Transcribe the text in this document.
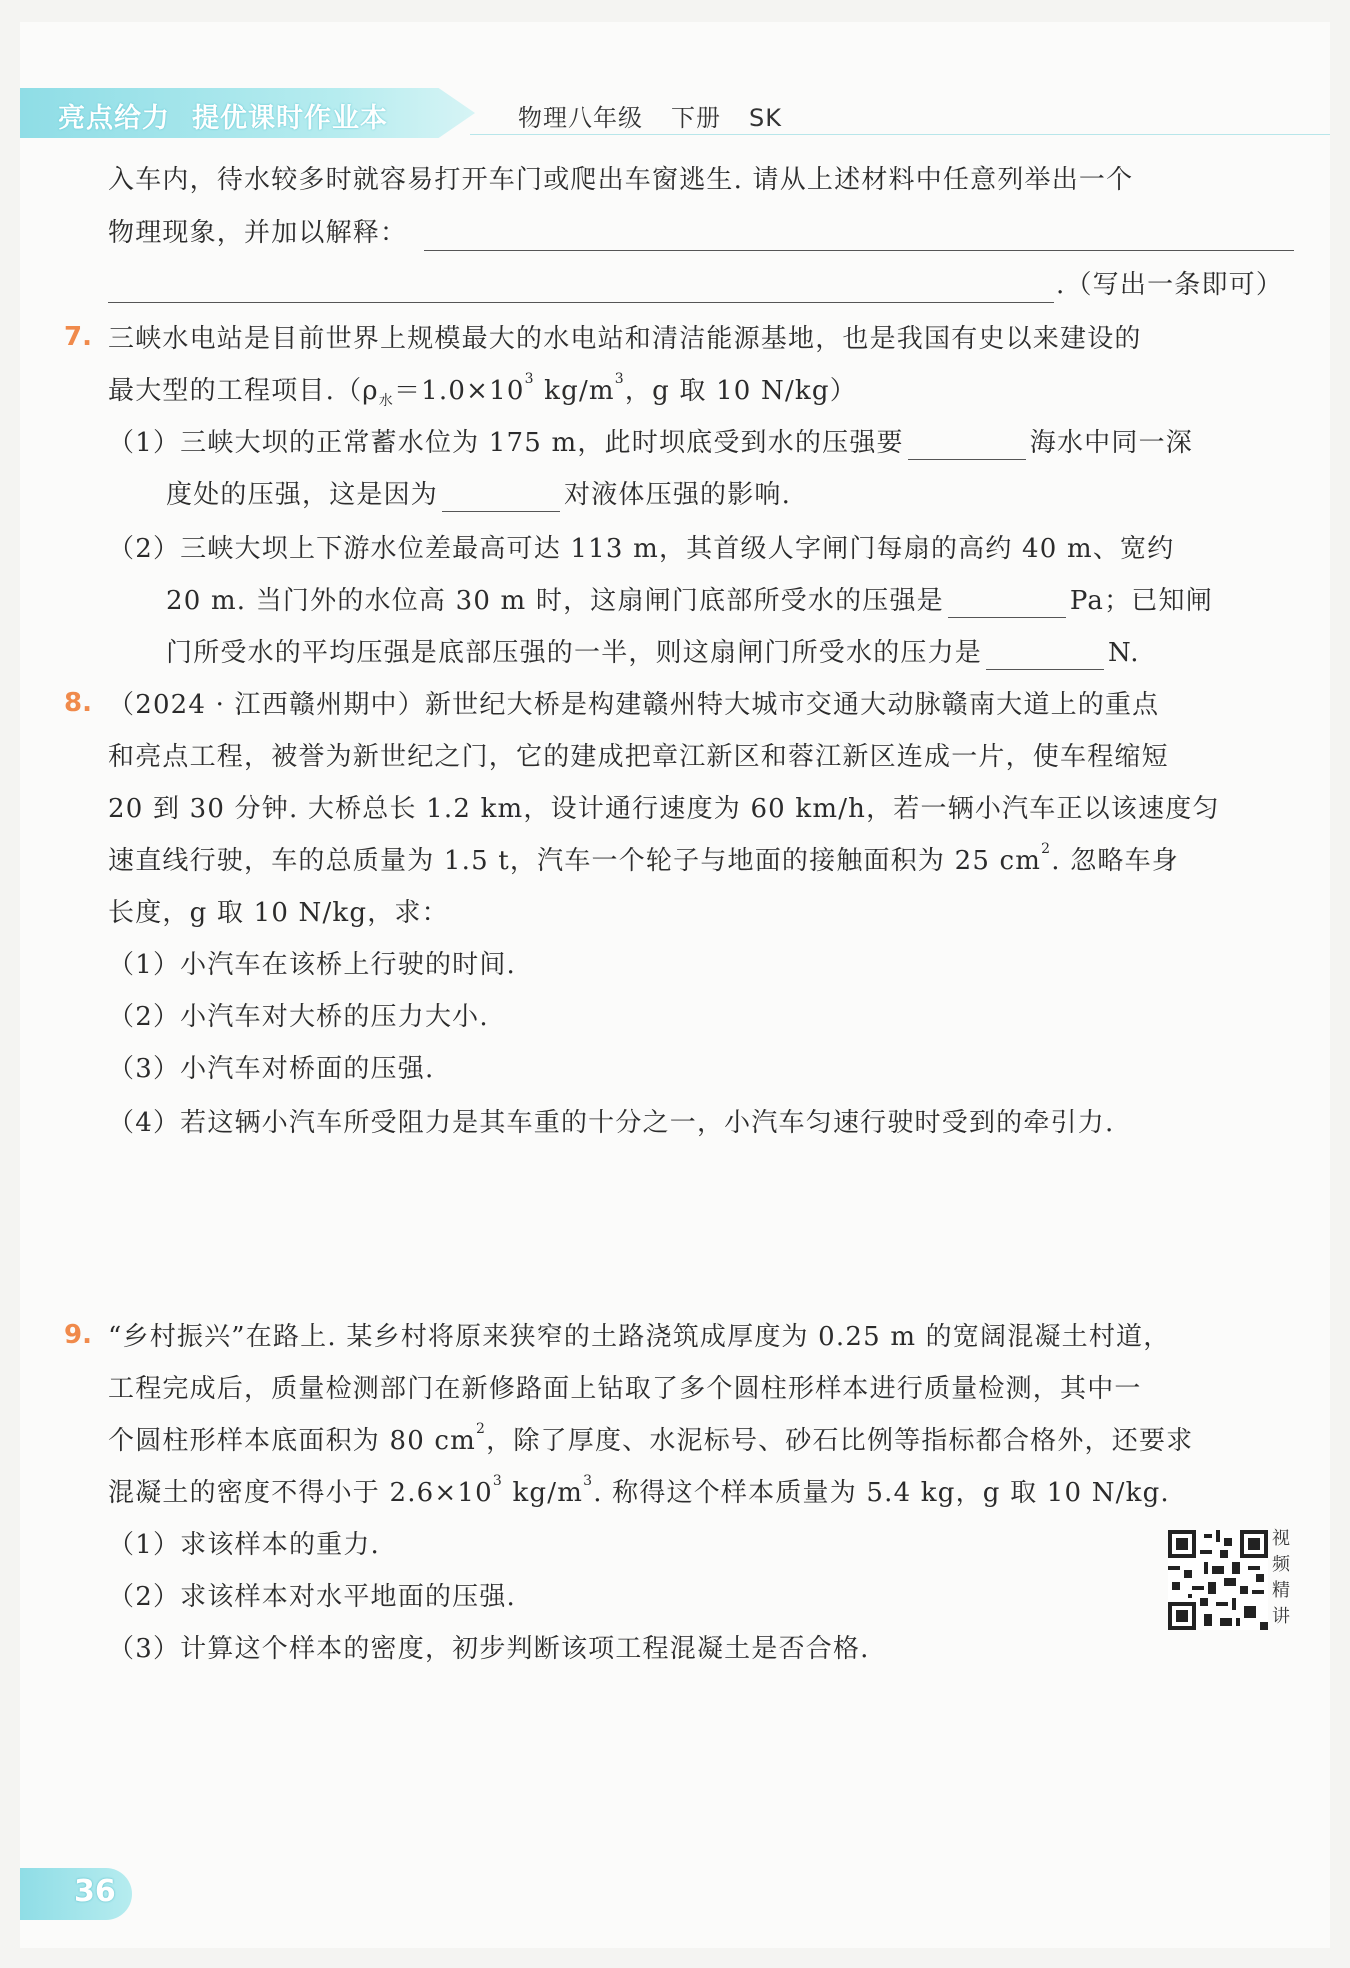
亮点给力 提优课时作业本	物理八年级 下册 SK
入车内，待水较多时就容易打开车门或爬出车窗逃生. 请从上述材料中任意列举出一个
物理现象，并加以解释：
.（写出一条即可）
7. 三峡水电站是目前世界上规模最大的水电站和清洁能源基地，也是我国有史以来建设的
最大型的工程项目$.(\rho_水=1.0\times 10^3$ $kg/m^3$，g 取 10 N/kg）
（1）三峡大坝的正常蓄水位为 175 m，此时坝底受到水的压强要	海水中同一深
度处的压强，这是因为	对液体压强的影响.
（2）三峡大坝上下游水位差最高可达 113 m，其首级人字闸门每扇的高约 40 m、宽约
20 m. 当门外的水位高 30 m 时，这扇闸门底部所受水的压强是	Pa；已知闸
门所受水的平均压强是底部压强的一半，则这扇闸门所受水的压力是	N.
8. （2024 · 江西赣州期中）新世纪大桥是构建赣州特大城市交通大动脉赣南大道上的重点
和亮点工程，被誉为新世纪之门，它的建成把章江新区和蓉江新区连成一片，使车程缩短
20 到 30 分钟. 大桥总长 1.2 km，设计通行速度为 60 km/h，若一辆小汽车正以该速度匀
速直线行驶，车的总质量为 1.5 t，汽车一个轮子与地面的接触面积为 25 $cm^2$. 忽略车身
长度，g 取 10 N/kg，求：
（1）小汽车在该桥上行驶的时间.
（2）小汽车对大桥的压力大小.
（3）小汽车对桥面的压强.
（4）若这辆小汽车所受阻力是其车重的十分之一，小汽车匀速行驶时受到的牵引力.
9. “乡村振兴”在路上. 某乡村将原来狭窄的土路浇筑成厚度为 0.25 m 的宽阔混凝土村道，
工程完成后，质量检测部门在新修路面上钻取了多个圆柱形样本进行质量检测，其中一
个圆柱形样本底面积为 80 $cm^2$，除了厚度、水泥标号、砂石比例等指标都合格外，还要求
混凝土的密度不得小于 $2.6\times 10^3$ $kg/m^3$. 称得这个样本质量为 5.4 kg，g 取 10 N/kg.
（1）求该样本的重力.
（2）求该样本对水平地面的压强.
（3）计算这个样本的密度，初步判断该项工程混凝土是否合格.
视频精讲
36
